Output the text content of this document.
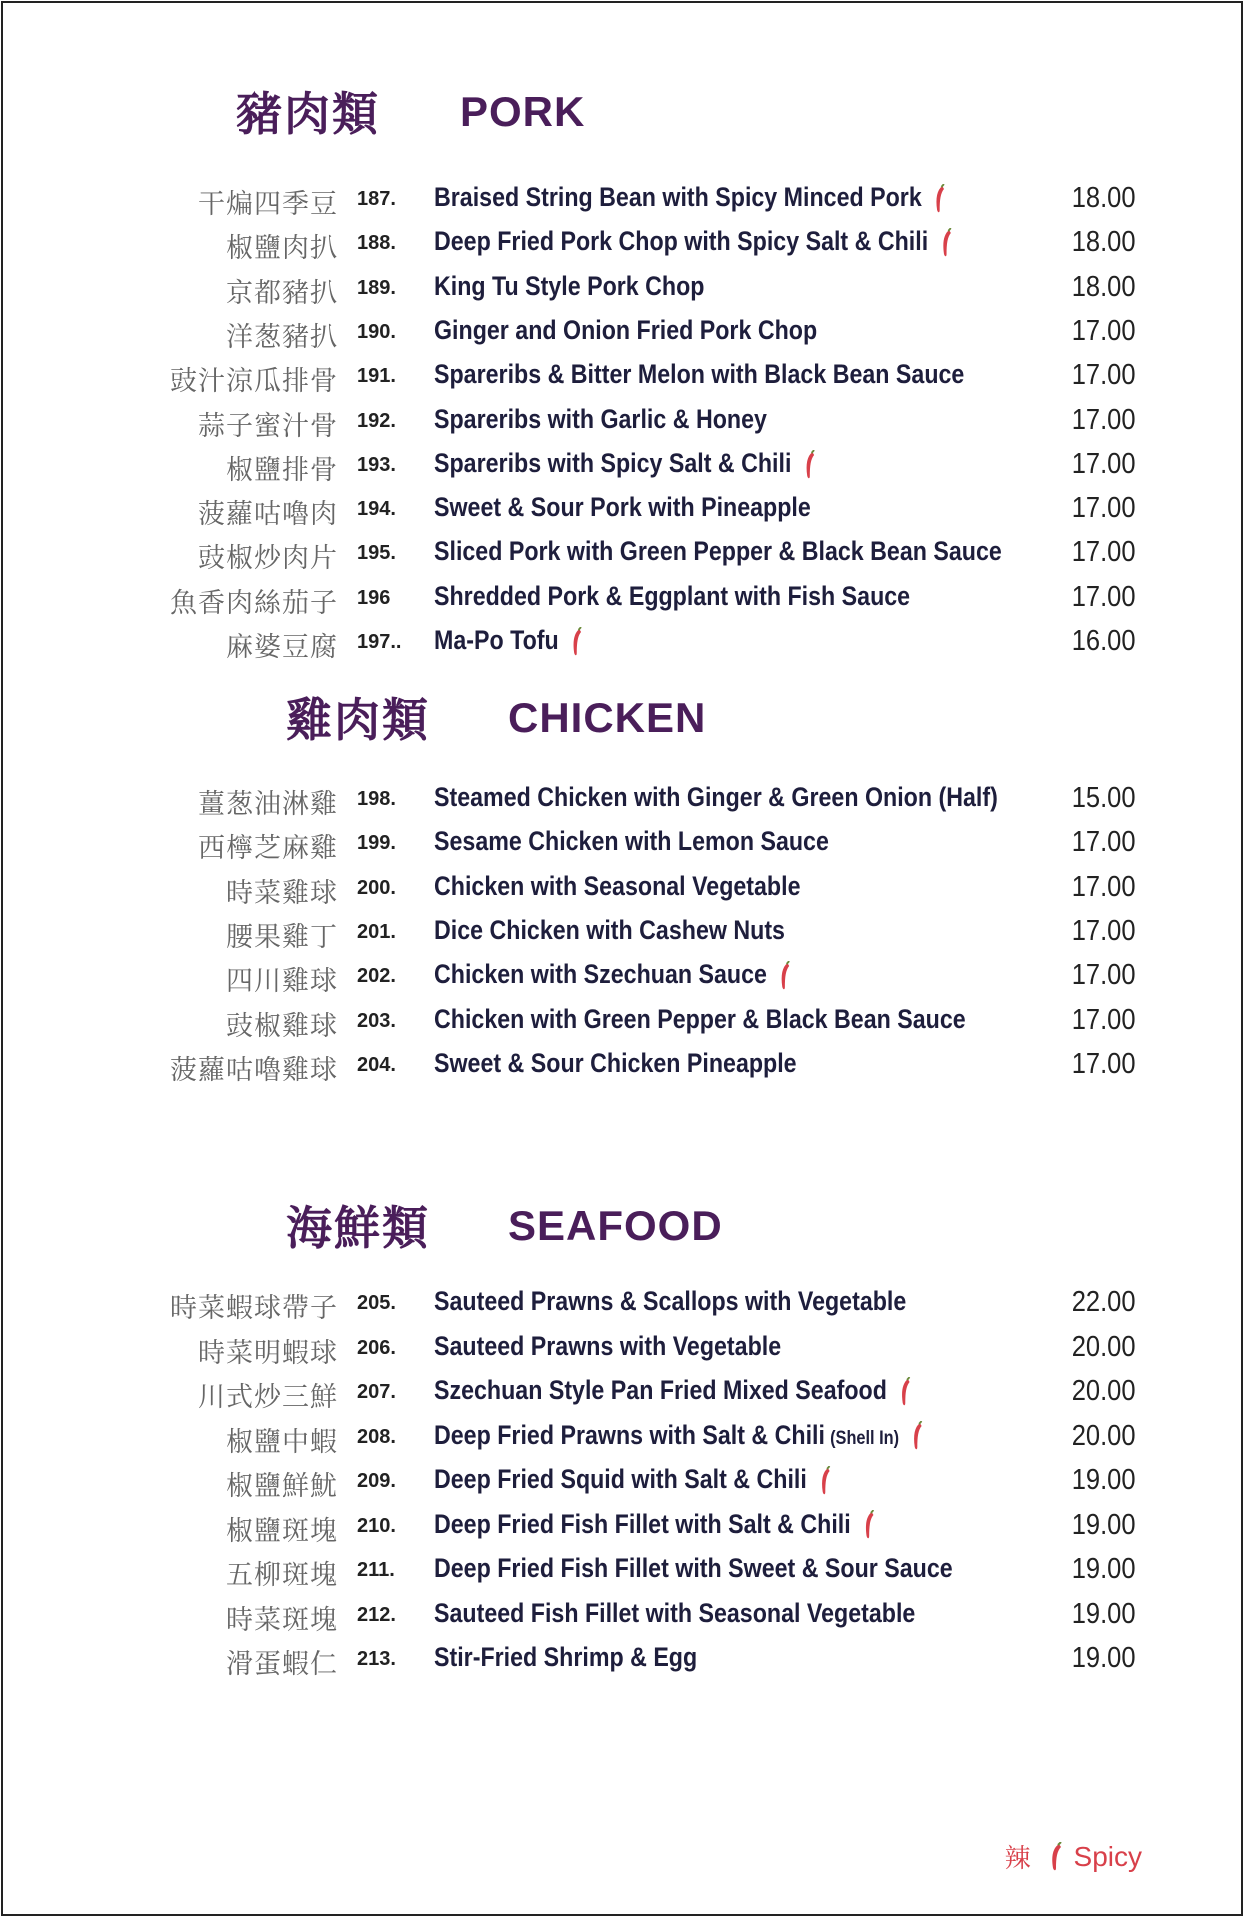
豬肉類 PORK
干煸四季豆 187. Braised String Bean with Spicy Minced Pork	18.00
椒鹽肉扒 188. Deep Fried Pork Chop with Spicy Salt & Chili	18.00
京都豬扒 189. King Tu Style Pork Chop	18.00
洋葱豬扒 190. Ginger and Onion Fried Pork Chop	17.00
豉汁涼瓜排骨 191. Spareribs & Bitter Melon with Black Bean Sauce	17.00
蒜子蜜汁骨 192. Spareribs with Garlic & Honey	17.00
椒鹽排骨 193. Spareribs with Spicy Salt & Chili	17.00
菠蘿咕嚕肉 194. Sweet & Sour Pork with Pineapple	17.00
豉椒炒肉片 195. Sliced Pork with Green Pepper & Black Bean Sauce 17.00
魚香肉絲茄子 196 Shredded Pork & Eggplant with Fish Sauce	17.00
麻婆豆腐 197.. Ma-Po Tofu	16.00
雞肉類 CHICKEN
薑葱油淋雞 198. Steamed Chicken with Ginger & Green Onion (Half)	15.00
西檸芝麻雞 199. Sesame Chicken with Lemon Sauce	17.00
時菜雞球 200. Chicken with Seasonal Vegetable	17.00
腰果雞丁 201. Dice Chicken with Cashew Nuts	17.00
四川雞球 202. Chicken with Szechuan Sauce	17.00
豉椒雞球 203. Chicken with Green Pepper & Black Bean Sauce	17.00
菠蘿咕嚕雞球 204. Sweet & Sour Chicken Pineapple	17.00
海鮮類 SEAFOOD
時菜蝦球帶子 205. Sauteed Prawns & Scallops with Vegetable	22.00
時菜明蝦球 206. Sauteed Prawns with Vegetable	20.00
川式炒三鮮 207. Szechuan Style Pan Fried Mixed Seafood	20.00
椒鹽中蝦 208. Deep Fried Prawns with Salt & Chili (Shell In)	20.00
椒鹽鮮魷 209. Deep Fried Squid with Salt & Chili	19.00
椒鹽斑塊 210. Deep Fried Fish Fillet with Salt & Chili	19.00
五柳斑塊 211. Deep Fried Fish Fillet with Sweet & Sour Sauce	19.00
時菜斑塊 212. Sauteed Fish Fillet with Seasonal Vegetable	19.00
滑蛋蝦仁 213. Stir-Fried Shrimp & Egg	19.00
辣 Spicy
